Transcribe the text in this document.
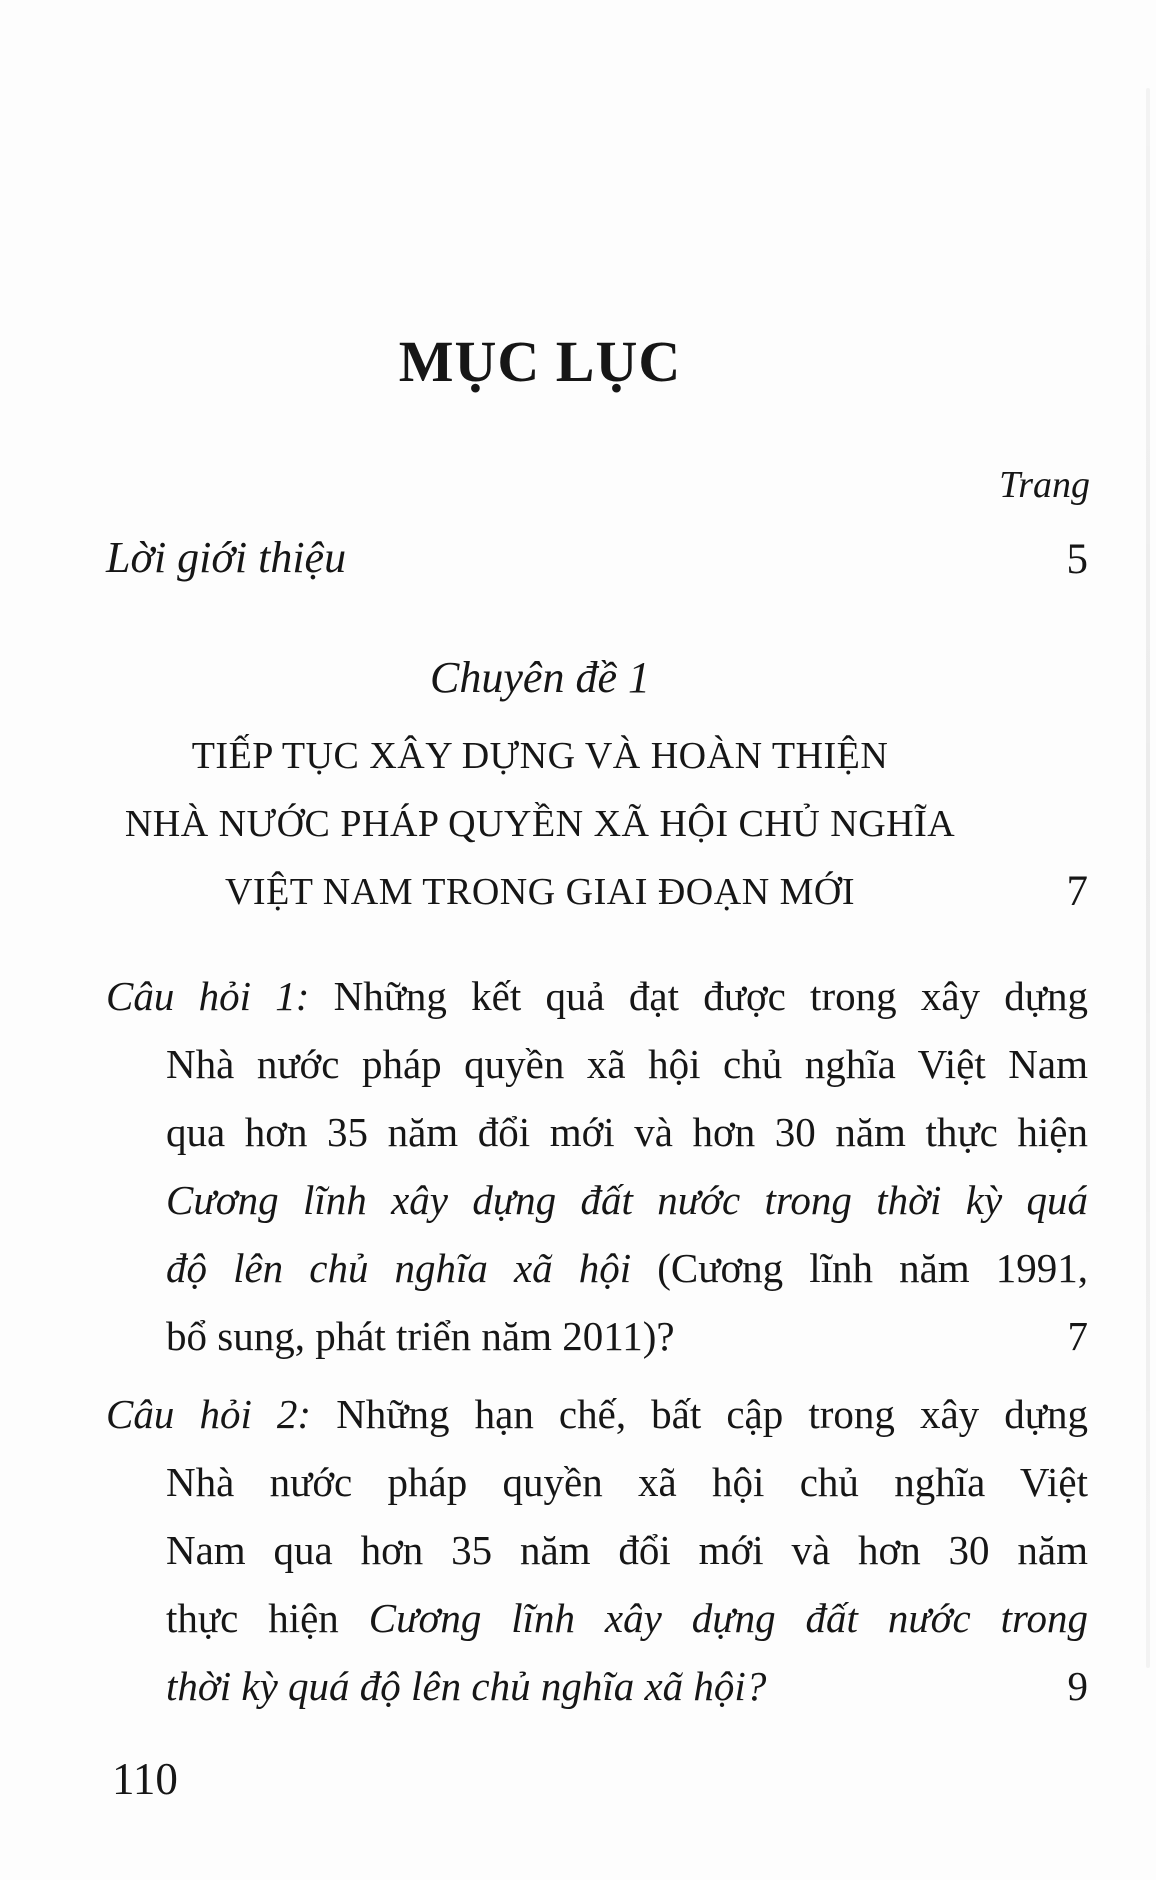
MỤC LỤC
Trang
Lời giới thiệu	5
Chuyên đề 1
TIẾP TỤC XÂY DỰNG VÀ HOÀN THIỆN
NHÀ NƯỚC PHÁP QUYỀN XÃ HỘI CHỦ NGHĨA
VIỆT NAM TRONG GIAI ĐOẠN MỚI	7
Câu hỏi 1: Những kết quả đạt được trong xây dựng
Nhà nước pháp quyền xã hội chủ nghĩa Việt Nam
qua hơn 35 năm đổi mới và hơn 30 năm thực hiện
Cương lĩnh xây dựng đất nước trong thời kỳ quá
độ lên chủ nghĩa xã hội (Cương lĩnh năm 1991,
bổ sung, phát triển năm 2011)?	7
Câu hỏi 2: Những hạn chế, bất cập trong xây dựng
Nhà nước pháp quyền xã hội chủ nghĩa Việt
Nam qua hơn 35 năm đổi mới và hơn 30 năm
thực hiện Cương lĩnh xây dựng đất nước trong
thời kỳ quá độ lên chủ nghĩa xã hội?	9
110
